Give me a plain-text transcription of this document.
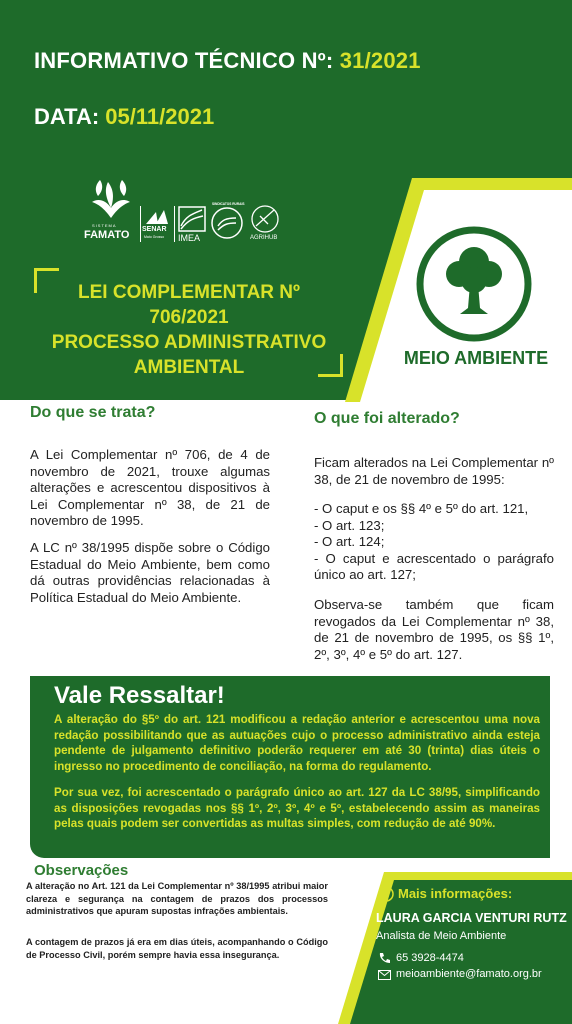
INFORMATIVO TÉCNICO Nº: 31/2021
DATA: 05/11/2021
SISTEMA
FAMATO SENAR
Mato Grosso IMEA
SINDICATOS RURAIS
AGRIHUB
LEI COMPLEMENTAR Nº
706/2021
PROCESSO ADMINISTRATIVO
AMBIENTAL	MEIO AMBIENTE
Do que se trata?
A Lei Complementar nº 706, de 4 de novembro de 2021, trouxe algumas alterações e acrescentou dispositivos à Lei Complementar nº 38, de 21 de novembro de 1995.
A LC nº 38/1995 dispõe sobre o Código Estadual do Meio Ambiente, bem como dá outras providências relacionadas à Política Estadual do Meio Ambiente.
O que foi alterado?
Ficam alterados na Lei Complementar nº 38, de 21 de novembro de 1995:
- O caput e os §§ 4º e 5º do art. 121,
- O art. 123;
- O art. 124;
- O caput e acrescentado o parágrafo único ao art. 127;
Observa-se também que ficam revogados da Lei Complementar nº 38, de 21 de novembro de 1995, os §§ 1º, 2º, 3º, 4º e 5º do art. 127.
Vale Ressaltar!
A alteração do §5º do art. 121 modificou a redação anterior e acrescentou uma nova redação possibilitando que as autuações cujo o processo administrativo ainda esteja pendente de julgamento definitivo poderão requerer em até 30 (trinta) dias úteis o ingresso no procedimento de conciliação, na forma do regulamento.
Por sua vez, foi acrescentado o parágrafo único ao art. 127 da LC 38/95, simplificando as disposições revogadas nos §§ 1º, 2º, 3º, 4º e 5º, estabelecendo assim as maneiras pelas quais podem ser convertidas as multas simples, com redução de até 90%.
Observações
A alteração no Art. 121 da Lei Complementar nº 38/1995 atribui maior clareza e segurança na contagem de prazos dos processos administrativos que apuram supostas infrações ambientais.
A contagem de prazos já era em dias úteis, acompanhando o Código de Processo Civil, porém sempre havia essa insegurança.
Mais informações:
LAURA GARCIA VENTURI RUTZ
Analista de Meio Ambiente
65 3928-4474
meioambiente@famato.org.br
